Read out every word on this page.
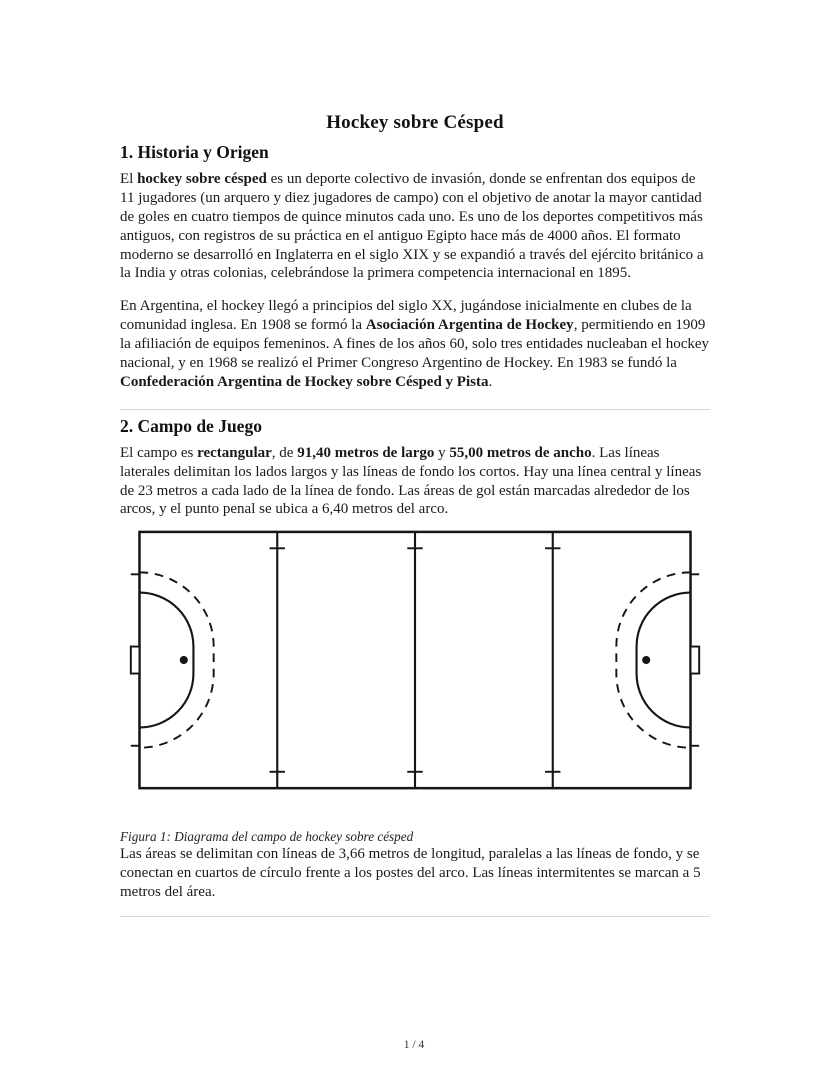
Hockey sobre Césped
1. Historia y Origen

El hockey sobre césped es un deporte colectivo de invasión, donde se enfrentan dos equipos de 11 jugadores (un arquero y diez jugadores de campo) con el objetivo de anotar la mayor cantidad de goles en cuatro tiempos de quince minutos cada uno. Es uno de los deportes competitivos más antiguos, con registros de su práctica en el antiguo Egipto hace más de 4000 años. El formato moderno se desarrolló en Inglaterra en el siglo XIX y se expandió a través del ejército británico a la India y otras colonias, celebrándose la primera competencia internacional en 1895.

En Argentina, el hockey llegó a principios del siglo XX, jugándose inicialmente en clubes de la comunidad inglesa. En 1908 se formó la Asociación Argentina de Hockey, permitiendo en 1909 la afiliación de equipos femeninos. A fines de los años 60, solo tres entidades nucleaban el hockey nacional, y en 1968 se realizó el Primer Congreso Argentino de Hockey. En 1983 se fundó la Confederación Argentina de Hockey sobre Césped y Pista.

2. Campo de Juego

El campo es rectangular, de 91,40 metros de largo y 55,00 metros de ancho. Las líneas laterales delimitan los lados largos y las líneas de fondo los cortos. Hay una línea central y líneas de 23 metros a cada lado de la línea de fondo. Las áreas de gol están marcadas alrededor de los arcos, y el punto penal se ubica a 6,40 metros del arco.

Figura 1: Diagrama del campo de hockey sobre césped

Las áreas se delimitan con líneas de 3,66 metros de longitud, paralelas a las líneas de fondo, y se conectan en cuartos de círculo frente a los postes del arco. Las líneas intermitentes se marcan a 5 metros del área.

1 / 4
